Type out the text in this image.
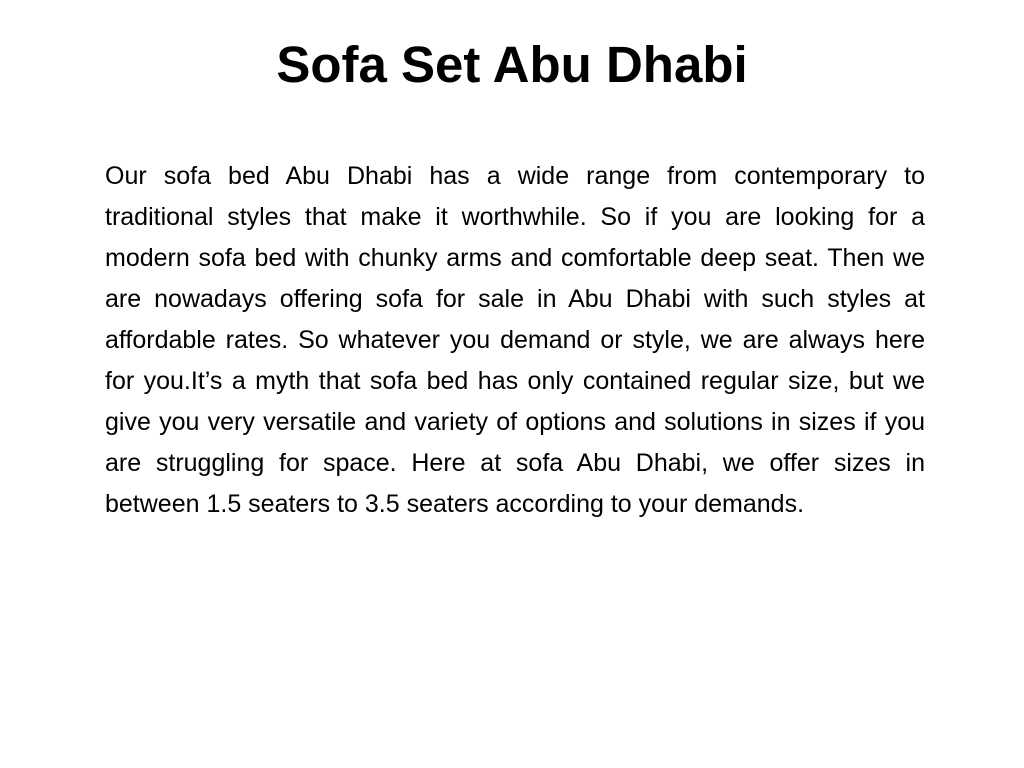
Sofa Set Abu Dhabi

Our sofa bed Abu Dhabi has a wide range from contemporary to traditional styles that make it worthwhile. So if you are looking for a modern sofa bed with chunky arms and comfortable deep seat. Then we are nowadays offering sofa for sale in Abu Dhabi with such styles at affordable rates. So whatever you demand or style, we are always here for you.It’s a myth that sofa bed has only contained regular size, but we give you very versatile and variety of options and solutions in sizes if you are struggling for space. Here at sofa Abu Dhabi, we offer sizes in between 1.5 seaters to 3.5 seaters according to your demands.
